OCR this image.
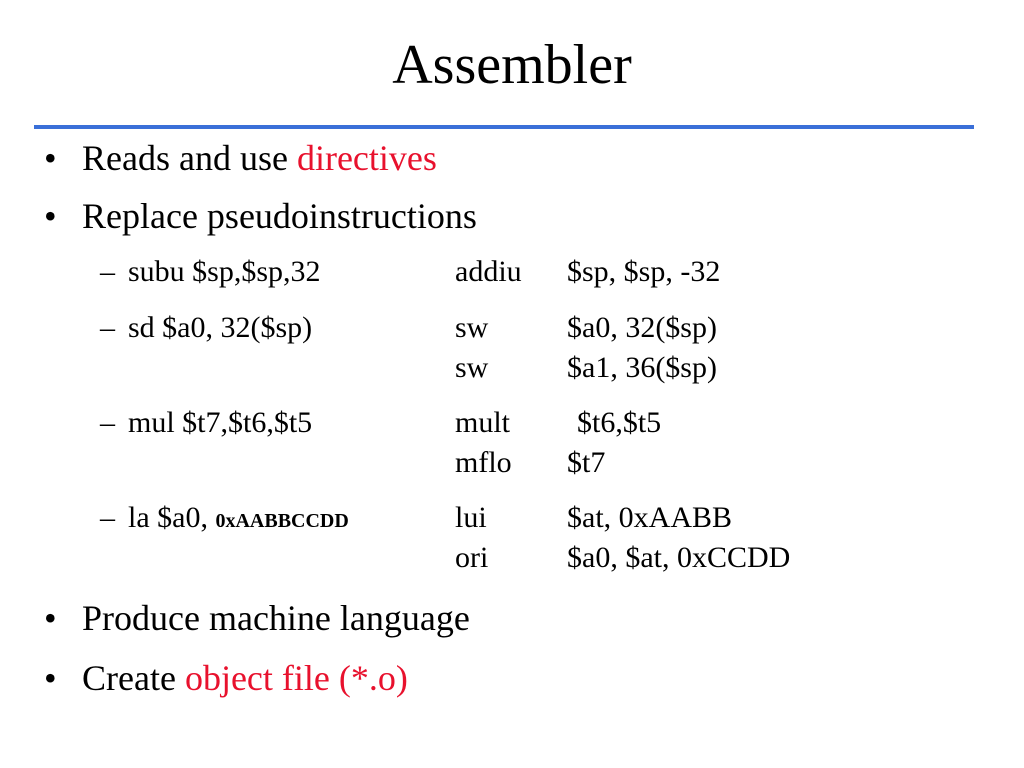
Assembler
• Reads and use directives
• Replace pseudoinstructions
– subu $sp,$sp,32	addiu $sp, $sp, -32
– sd $a0, 32($sp)	sw	$a0, 32($sp)
sw	$a1, 36($sp)
– mul $t7,$t6,$t5	mult $t6,$t5
mflo $t7
– la $a0, 0xAABBCCDD	lui	$at, 0xAABB
ori	$a0, $at, 0xCCDD
• Produce machine language
• Create object file (*.o)
